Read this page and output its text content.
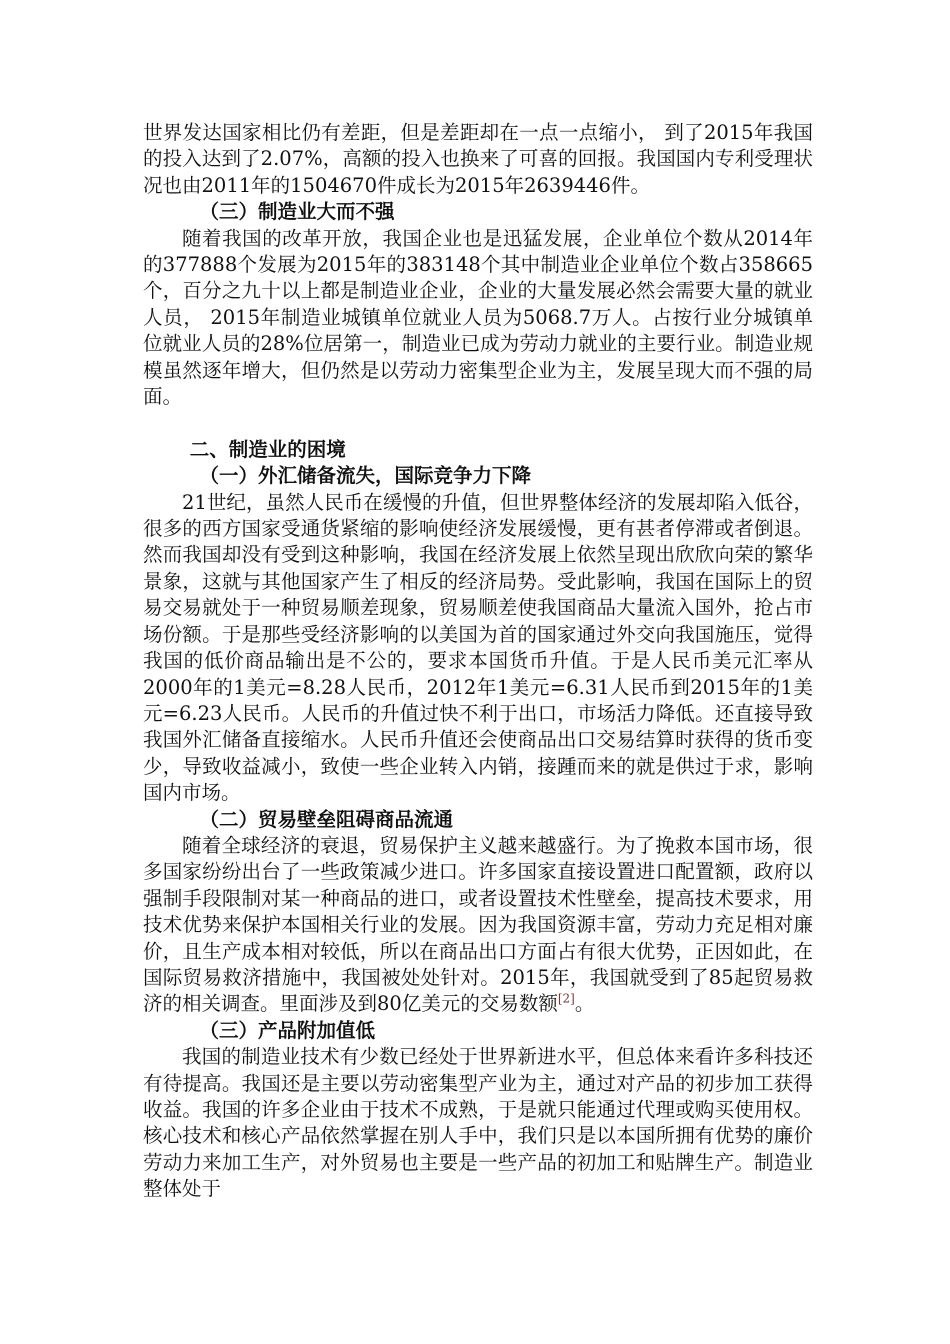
世界发达国家相比仍有差距，但是差距却在一点一点缩小， 到了2015年我国的投入达到了2.07%，高额的投入也换来了可喜的回报。我国国内专利受理状况也由2011年的1504670件成长为2015年2639446件。

（三）制造业大而不强

随着我国的改革开放，我国企业也是迅猛发展，企业单位个数从2014年的377888个发展为2015年的383148个其中制造业企业单位个数占358665个，百分之九十以上都是制造业企业，企业的大量发展必然会需要大量的就业人员， 2015年制造业城镇单位就业人员为5068.7万人。占按行业分城镇单位就业人员的28%位居第一，制造业已成为劳动力就业的主要行业。制造业规模虽然逐年增大，但仍然是以劳动力密集型企业为主，发展呈现大而不强的局面。

二、制造业的困境

（一）外汇储备流失，国际竞争力下降

21世纪，虽然人民币在缓慢的升值，但世界整体经济的发展却陷入低谷，很多的西方国家受通货紧缩的影响使经济发展缓慢，更有甚者停滞或者倒退。然而我国却没有受到这种影响，我国在经济发展上依然呈现出欣欣向荣的繁华景象，这就与其他国家产生了相反的经济局势。受此影响，我国在国际上的贸易交易就处于一种贸易顺差现象，贸易顺差使我国商品大量流入国外，抢占市场份额。于是那些受经济影响的以美国为首的国家通过外交向我国施压，觉得我国的低价商品输出是不公的，要求本国货币升值。于是人民币美元汇率从2000年的1美元=8.28人民币，2012年1美元=6.31人民币到2015年的1美元=6.23人民币。人民币的升值过快不利于出口，市场活力降低。还直接导致我国外汇储备直接缩水。人民币升值还会使商品出口交易结算时获得的货币变少，导致收益减小，致使一些企业转入内销，接踵而来的就是供过于求，影响国内市场。

（二）贸易壁垒阻碍商品流通

随着全球经济的衰退，贸易保护主义越来越盛行。为了挽救本国市场，很多国家纷纷出台了一些政策减少进口。许多国家直接设置进口配置额，政府以强制手段限制对某一种商品的进口，或者设置技术性壁垒，提高技术要求，用技术优势来保护本国相关行业的发展。因为我国资源丰富，劳动力充足相对廉价，且生产成本相对较低，所以在商品出口方面占有很大优势，正因如此，在国际贸易救济措施中，我国被处处针对。2015年，我国就受到了85起贸易救济的相关调查。里面涉及到80亿美元的交易数额[2]。

（三）产品附加值低

我国的制造业技术有少数已经处于世界新进水平，但总体来看许多科技还有待提高。我国还是主要以劳动密集型产业为主，通过对产品的初步加工获得收益。我国的许多企业由于技术不成熟，于是就只能通过代理或购买使用权。核心技术和核心产品依然掌握在别人手中，我们只是以本国所拥有优势的廉价劳动力来加工生产，对外贸易也主要是一些产品的初加工和贴牌生产。制造业整体处于
